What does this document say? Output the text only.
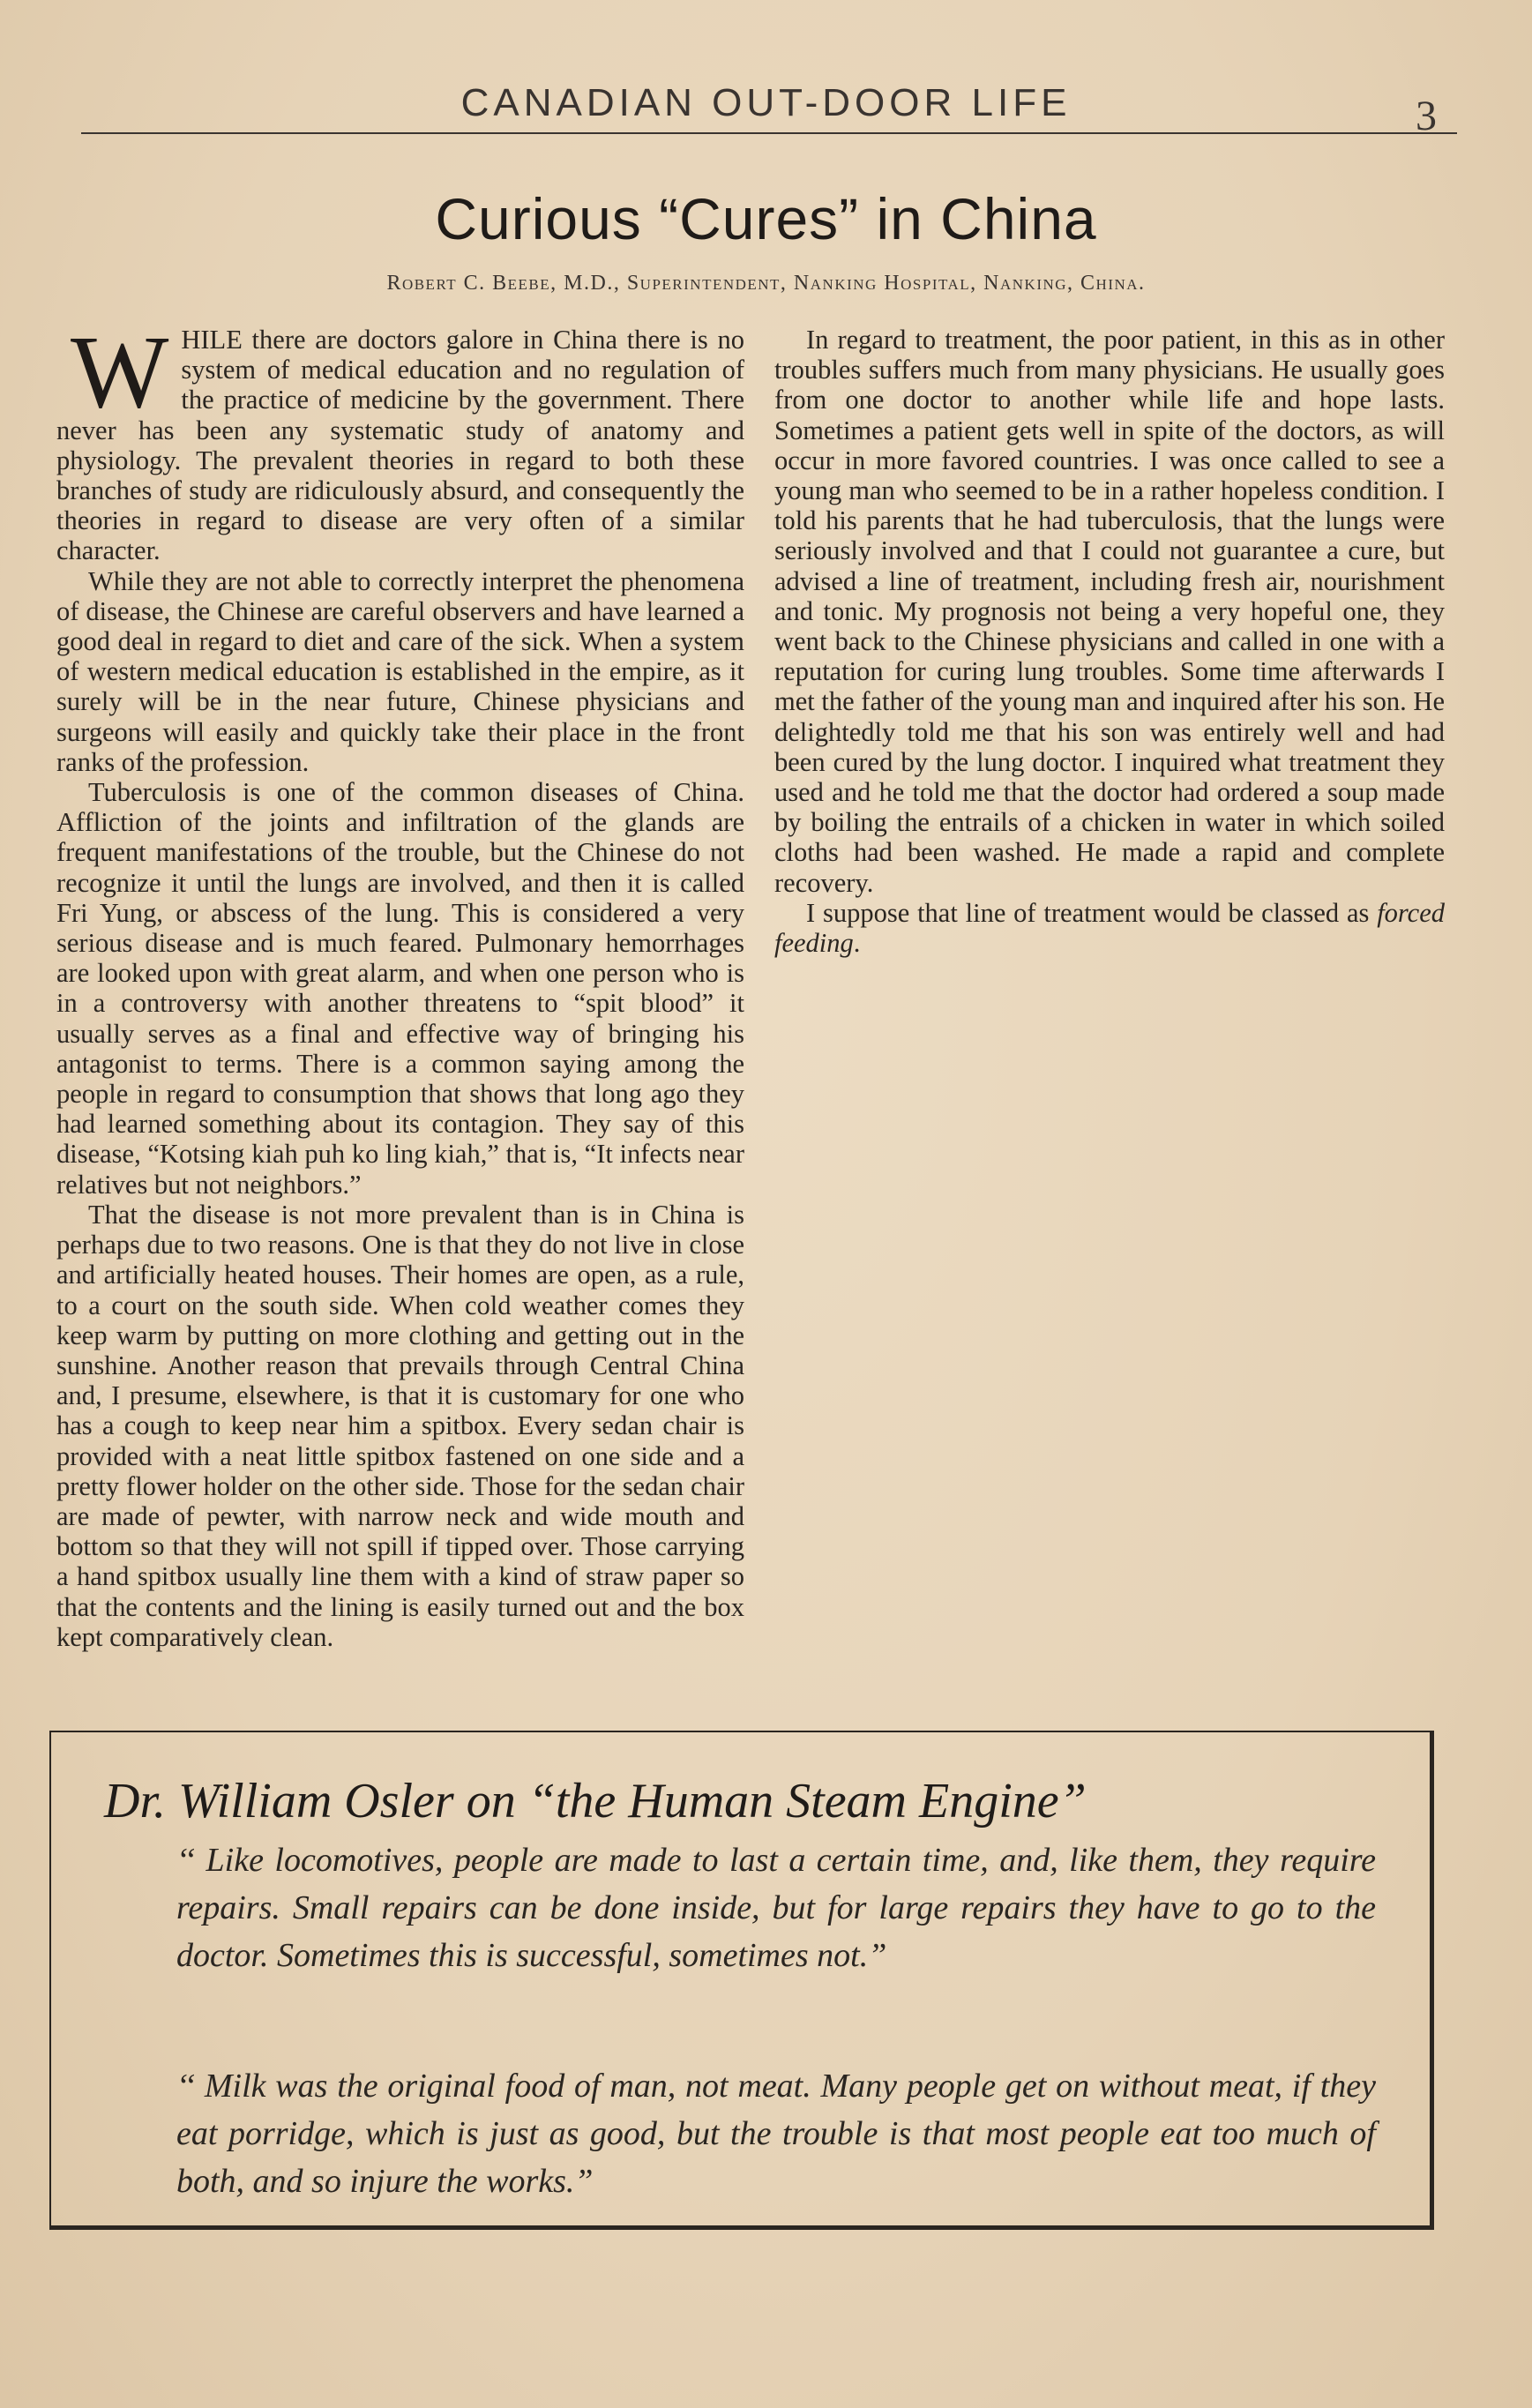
CANADIAN OUT-DOOR LIFE	3
Curious “Cures” in China
Robert C. Beebe, M.D., Superintendent, Nanking Hospital, Nanking, China.

WHILE there are doctors galore in China there is no system of medical education and no regulation of the practice of medicine by the government. There never has been any systematic study of anatomy and physiology. The prevalent theories in regard to both these branches of study are ridiculously absurd, and consequently the theories in regard to disease are very often of a similar character.

While they are not able to correctly interpret the phenomena of disease, the Chinese are careful observers and have learned a good deal in regard to diet and care of the sick. When a system of western medical education is established in the empire, as it surely will be in the near future, Chinese physicians and surgeons will easily and quickly take their place in the front ranks of the profession.

Tuberculosis is one of the common diseases of China. Affliction of the joints and infiltration of the glands are frequent manifestations of the trouble, but the Chinese do not recognize it until the lungs are involved, and then it is called Fri Yung, or abscess of the lung. This is considered a very serious disease and is much feared. Pulmonary hemorrhages are looked upon with great alarm, and when one person who is in a controversy with another threatens to “spit blood” it usually serves as a final and effective way of bringing his antagonist to terms. There is a common saying among the people in regard to consumption that shows that long ago they had learned something about its contagion. They say of this disease, “Kotsing kiah puh ko ling kiah,” that is, “It infects near relatives but not neighbors.”

That the disease is not more prevalent than is in China is perhaps due to two reasons. One is that they do not live in close and artificially heated houses. Their homes are open, as a rule, to a court on the south side. When cold weather comes they keep warm by putting on more clothing and getting out in the sunshine. Another reason that prevails through Central China and, I presume, elsewhere, is that it is customary for one who has a cough to keep near him a spitbox. Every sedan chair is provided with a neat little spitbox fastened on one side and a pretty flower holder on the other side. Those for the sedan chair are made of pewter, with narrow neck and wide mouth and bottom so that they will not spill if tipped over. Those carrying a hand spitbox usually line them with a kind of straw paper so that the contents and the lining is easily turned out and the box kept comparatively clean.

In regard to treatment, the poor patient, in this as in other troubles suffers much from many physicians. He usually goes from one doctor to another while life and hope lasts. Sometimes a patient gets well in spite of the doctors, as will occur in more favored countries. I was once called to see a young man who seemed to be in a rather hopeless condition. I told his parents that he had tuberculosis, that the lungs were seriously involved and that I could not guarantee a cure, but advised a line of treatment, including fresh air, nourishment and tonic. My prognosis not being a very hopeful one, they went back to the Chinese physicians and called in one with a reputation for curing lung troubles. Some time afterwards I met the father of the young man and inquired after his son. He delightedly told me that his son was entirely well and had been cured by the lung doctor. I inquired what treatment they used and he told me that the doctor had ordered a soup made by boiling the entrails of a chicken in water in which soiled cloths had been washed. He made a rapid and complete recovery.

I suppose that line of treatment would be classed as forced feeding.

Dr. William Osler on “the Human Steam Engine”

‘‘ Like locomotives, people are made to last a certain time, and, like them, they require repairs. Small repairs can be done inside, but for large repairs they have to go to the doctor. Sometimes this is successful, sometimes not.”

‘‘ Milk was the original food of man, not meat. Many people get on without meat, if they eat porridge, which is just as good, but the trouble is that most people eat too much of both, and so injure the works.”
